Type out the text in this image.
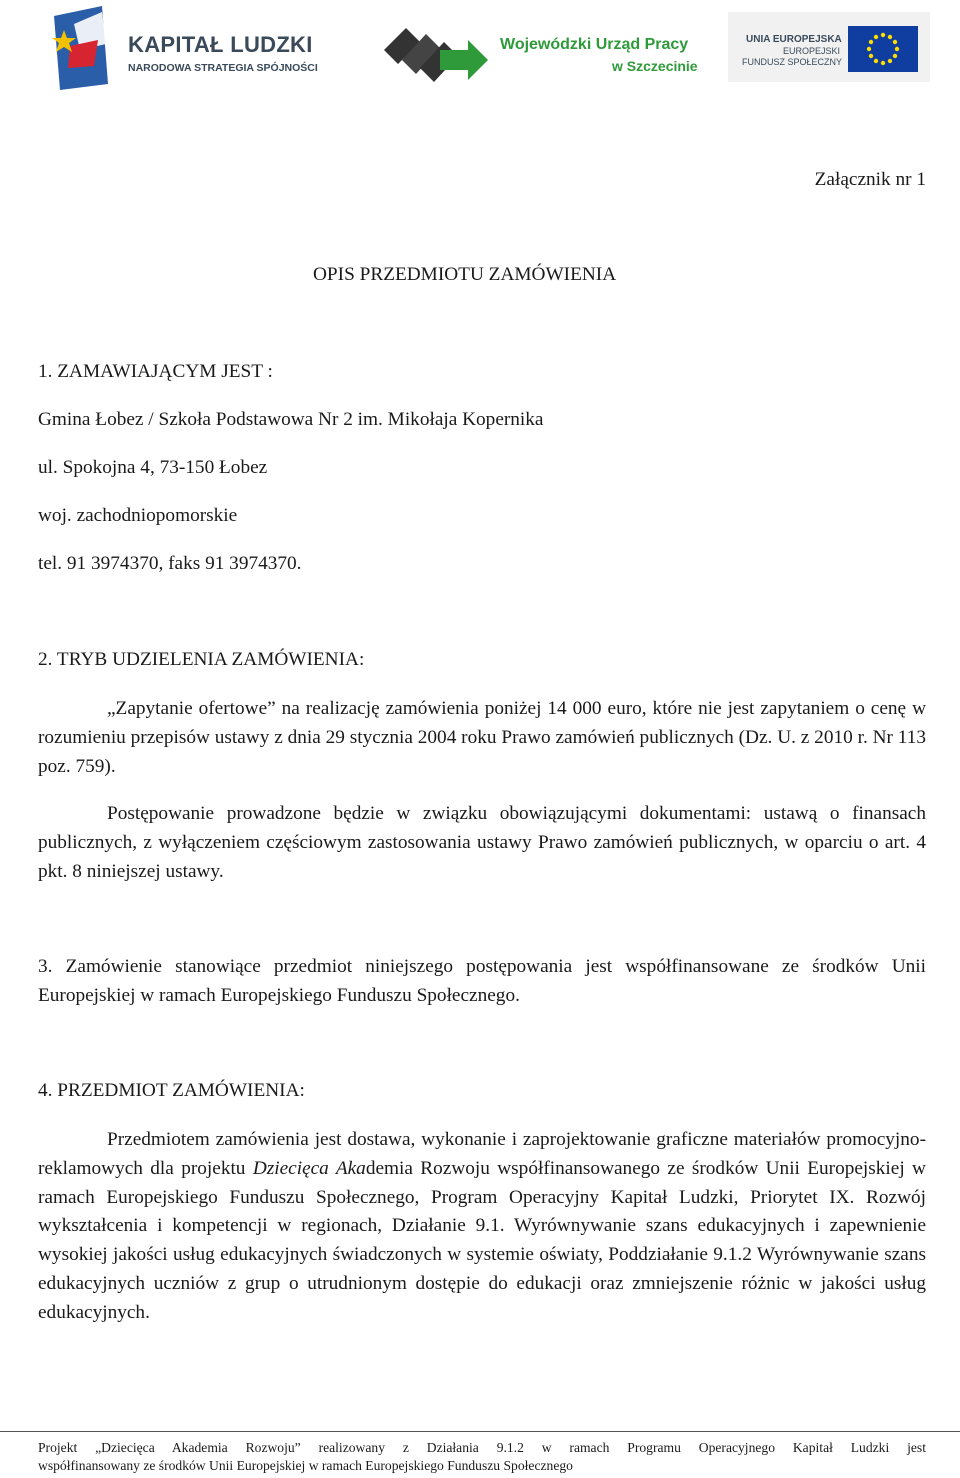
KAPITAŁ LUDZKI
NARODOWA STRATEGIA SPÓJNOŚCI
Wojewódzki Urząd Pracy
w Szczecinie
UNIA EUROPEJSKA
EUROPEJSKI
FUNDUSZ SPOŁECZNY
Załącznik nr 1
OPIS PRZEDMIOTU ZAMÓWIENIA
1. ZAMAWIAJĄCYM JEST :
Gmina Łobez / Szkoła Podstawowa Nr 2 im. Mikołaja Kopernika
ul. Spokojna 4, 73-150 Łobez
woj. zachodniopomorskie
tel. 91 3974370, faks 91 3974370.
2. TRYB UDZIELENIA ZAMÓWIENIA:
„Zapytanie ofertowe” na realizację zamówienia poniżej 14 000 euro, które nie jest zapytaniem o cenę w rozumieniu przepisów ustawy z dnia 29 stycznia 2004 roku Prawo zamówień publicznych (Dz. U. z 2010 r. Nr 113 poz. 759).
Postępowanie prowadzone będzie w związku obowiązującymi dokumentami: ustawą o finansach publicznych, z wyłączeniem częściowym zastosowania ustawy Prawo zamówień publicznych, w oparciu o art. 4 pkt. 8 niniejszej ustawy.
3. Zamówienie stanowiące przedmiot niniejszego postępowania jest współfinansowane ze środków Unii Europejskiej w ramach Europejskiego Funduszu Społecznego.
4. PRZEDMIOT ZAMÓWIENIA:
Przedmiotem zamówienia jest dostawa, wykonanie i zaprojektowanie graficzne materiałów promocyjno- reklamowych dla projektu Dziecięca Akademia Rozwoju współfinansowanego ze środków Unii Europejskiej w ramach Europejskiego Funduszu Społecznego, Program Operacyjny Kapitał Ludzki, Priorytet IX. Rozwój wykształcenia i kompetencji w regionach, Działanie 9.1. Wyrównywanie szans edukacyjnych i zapewnienie wysokiej jakości usług edukacyjnych świadczonych w systemie oświaty, Poddziałanie 9.1.2 Wyrównywanie szans edukacyjnych uczniów z grup o utrudnionym dostępie do edukacji oraz zmniejszenie różnic w jakości usług edukacyjnych.
Projekt „Dziecięca Akademia Rozwoju” realizowany z Działania 9.1.2 w ramach Programu Operacyjnego Kapitał Ludzki jest
współfinansowany ze środków Unii Europejskiej w ramach Europejskiego Funduszu Społecznego
